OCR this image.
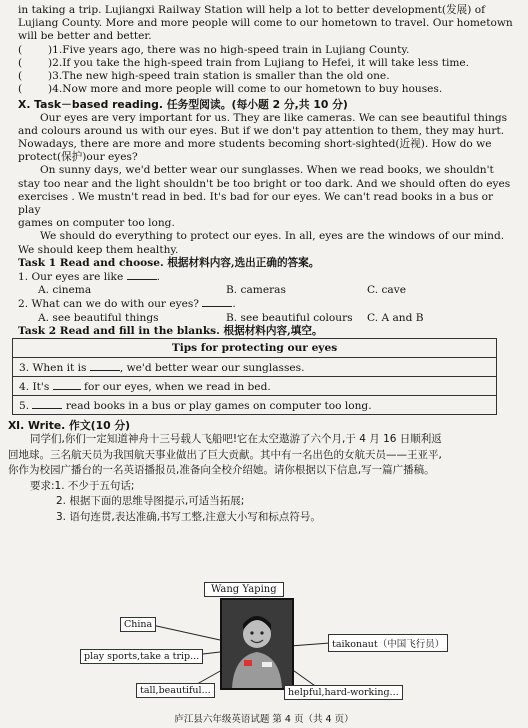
in taking a trip. Lujiangxi Railway Station will help a lot to better development(发展) of

Lujiang County. More and more people will come to our hometown to travel. Our hometown

will be better and better.

(	)1. Five years ago, there was no high-speed train in Lujiang County.
(	)2. If you take the high-speed train from Lujiang to Hefei, it will take less time.
(	)3. The new high-speed train station is smaller than the old one.
(	)4. Now more and more people will come to our hometown to buy houses.

Ⅹ. Task－based reading. 任务型阅读。(每小题 2 分,共 10 分)

Our eyes are very important for us. They are like cameras. We can see beautiful things

and colours around us with our eyes. But if we don't pay attention to them, they may hurt.

Nowadays, there are more and more students becoming short-sighted(近视). How do we

protect(保护)our eyes?

On sunny days, we'd better wear our sunglasses. When we read books, we shouldn't

stay too near and the light shouldn't be too bright or too dark. And we should often do eyes

exercises . We mustn't read in bed. It's bad for our eyes. We can't read books in a bus or play

games on computer too long.

We should do everything to protect our eyes. In all, eyes are the windows of our mind.

We should keep them healthy.

Task 1 Read and choose. 根据材料内容,选出正确的答案。

1. Our eyes are like	.

A. cinema	B. cameras	C. cave

2. What can we do with our eyes?	.

A. see beautiful things	B. see beautiful colours	C. A and B

Task 2 Read and fill in the blanks. 根据材料内容,填空。

Tips for protecting our eyes
3. When it is	, we'd better wear our sunglasses.
4. It's	for our eyes, when we read in bed.
5.	read books in a bus or play games on computer too long.

Ⅺ. Write. 作文(10 分)

同学们,你们一定知道神舟十三号载人飞船吧!它在太空遨游了六个月,于 4 月 16 日顺利返

回地球。三名航天员为我国航天事业做出了巨大贡献。其中有一名出色的女航天员——王亚平,

你作为校园广播台的一名英语播报员,准备向全校介绍她。请你根据以下信息,写一篇广播稿。

要求:1. 不少于五句话;

2. 根据下面的思维导图提示,可适当拓展;

3. 语句连贯,表达准确,书写工整,注意大小写和标点符号。

Wang Yaping
China
play sports,take a trip...
tall,beautiful...
taikonaut（中国飞行员）
helpful,hard-working...
庐江县六年级英语试题 第 4 页（共 4 页）
